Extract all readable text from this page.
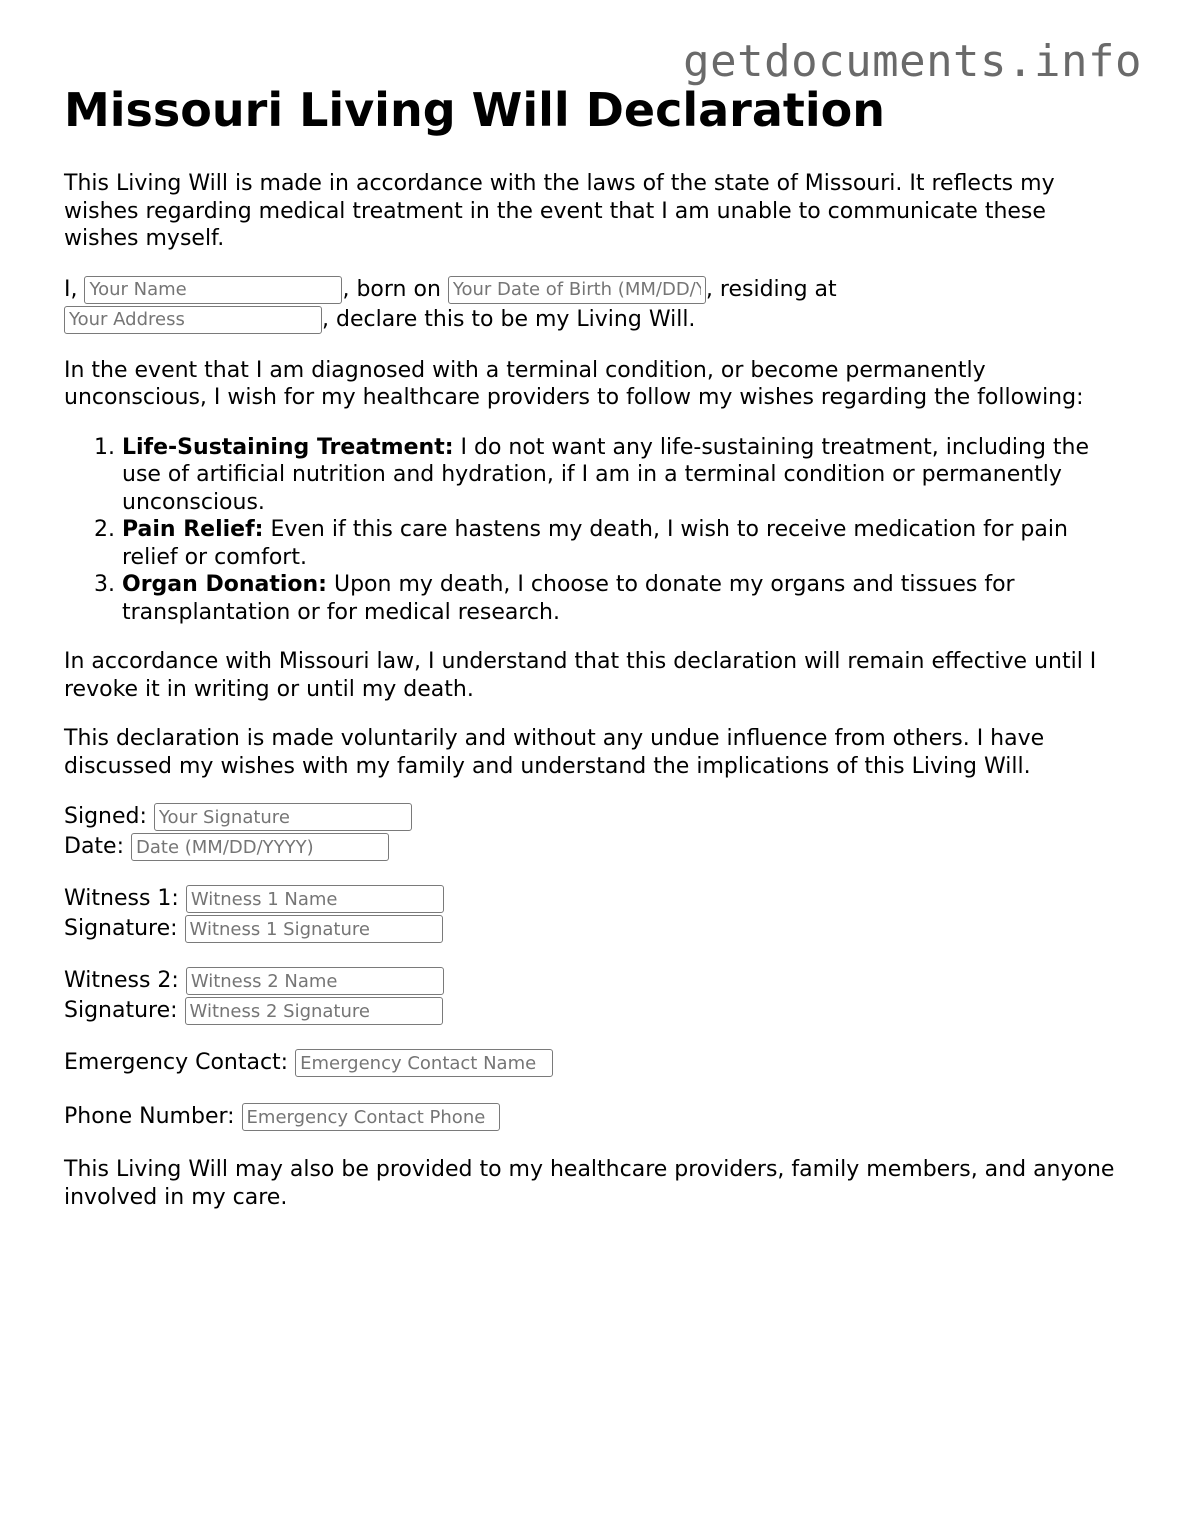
getdocuments.info
Missouri Living Will Declaration

This Living Will is made in accordance with the laws of the state of Missouri. It reflects my wishes regarding medical treatment in the event that I am unable to communicate these wishes myself.

I, Your Name	, born on Your Date of Birth (MM/DD/YYYY)	, residing at
Your Address, declare this to be my Living Will.

In the event that I am diagnosed with a terminal condition, or become permanently unconscious, I wish for my healthcare providers to follow my wishes regarding the following:

1. Life-Sustaining Treatment: I do not want any life-sustaining treatment, including the use of artificial nutrition and hydration, if I am in a terminal condition or permanently unconscious.
2. Pain Relief: Even if this care hastens my death, I wish to receive medication for pain relief or comfort.
3. Organ Donation: Upon my death, I choose to donate my organs and tissues for transplantation or for medical research.

In accordance with Missouri law, I understand that this declaration will remain effective until I revoke it in writing or until my death.

This declaration is made voluntarily and without any undue influence from others. I have discussed my wishes with my family and understand the implications of this Living Will.

Signed: Your Signature
Date: Date (MM/DD/YYYY)
Witness 1: Witness 1 Name
Signature: Witness 1 Signature
Witness 2: Witness 2 Name
Signature: Witness 2 Signature
Emergency Contact: Emergency Contact Name
Phone Number: Emergency Contact Phone

This Living Will may also be provided to my healthcare providers, family members, and anyone involved in my care.
